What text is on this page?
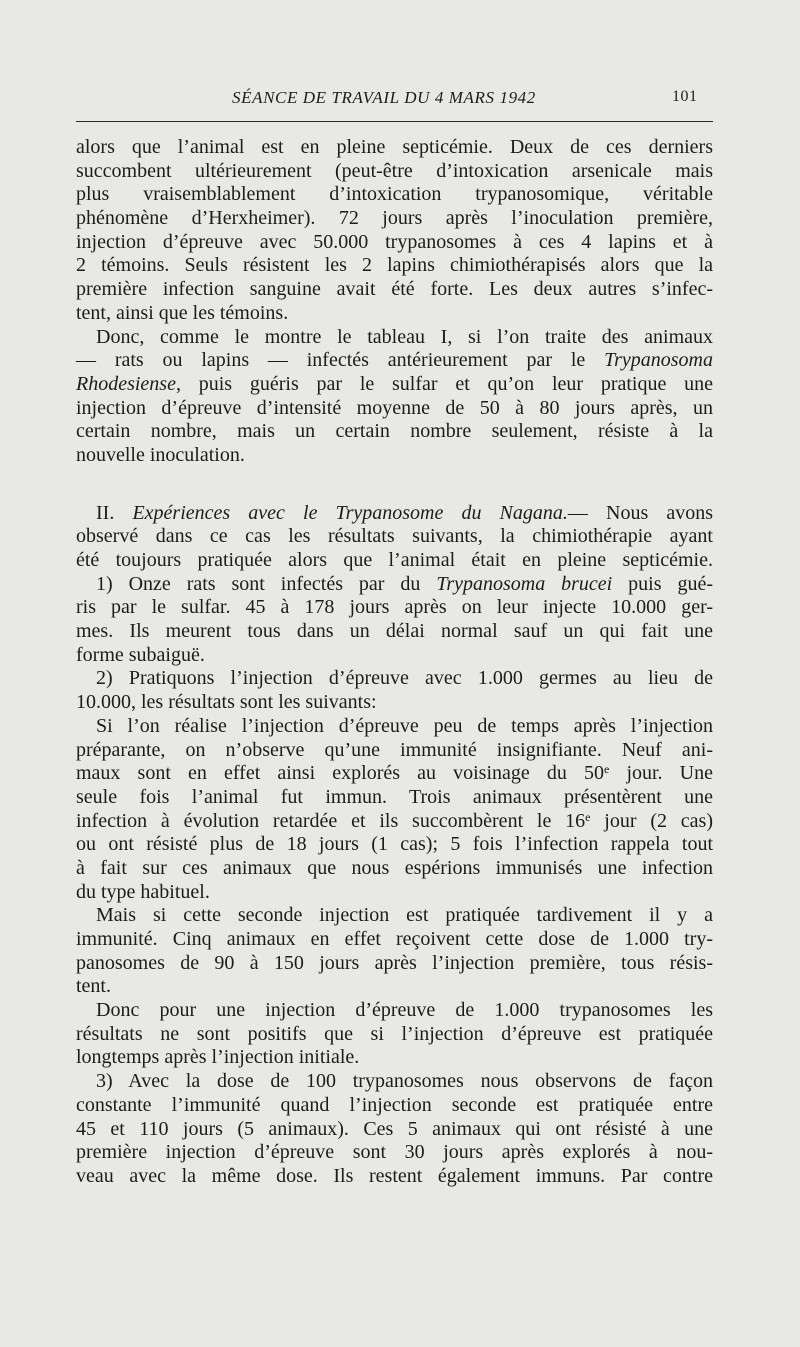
SÉANCE DE TRAVAIL DU 4 MARS 1942	101
alors que l’animal est en pleine septicémie. Deux de ces derniers
succombent ultérieurement (peut-être d’intoxication arsenicale mais
plus vraisemblablement d’intoxication trypanosomique, véritable
phénomène d’Herxheimer). 72 jours après l’inoculation première,
injection d’épreuve avec 50.000 trypanosomes à ces 4 lapins et à
2 témoins. Seuls résistent les 2 lapins chimiothérapisés alors que la
première infection sanguine avait été forte. Les deux autres s’infec-
tent, ainsi que les témoins.
Donc, comme le montre le tableau I, si l’on traite des animaux
— rats ou lapins — infectés antérieurement par le Trypanosoma
Rhodesiense, puis guéris par le sulfar et qu’on leur pratique une
injection d’épreuve d’intensité moyenne de 50 à 80 jours après, un
certain nombre, mais un certain nombre seulement, résiste à la
nouvelle inoculation.
II. Expériences avec le Trypanosome du Nagana.— Nous avons
observé dans ce cas les résultats suivants, la chimiothérapie ayant
été toujours pratiquée alors que l’animal était en pleine septicémie.
1) Onze rats sont infectés par du Trypanosoma brucei puis gué-
ris par le sulfar. 45 à 178 jours après on leur injecte 10.000 ger-
mes. Ils meurent tous dans un délai normal sauf un qui fait une
forme subaiguë.
2) Pratiquons l’injection d’épreuve avec 1.000 germes au lieu de
10.000, les résultats sont les suivants:
Si l’on réalise l’injection d’épreuve peu de temps après l’injection
préparante, on n’observe qu’une immunité insignifiante. Neuf ani-
maux sont en effet ainsi explorés au voisinage du 50e jour. Une
seule fois l’animal fut immun. Trois animaux présentèrent une
infection à évolution retardée et ils succombèrent le 16e jour (2 cas)
ou ont résisté plus de 18 jours (1 cas); 5 fois l’infection rappela tout
à fait sur ces animaux que nous espérions immunisés une infection
du type habituel.
Mais si cette seconde injection est pratiquée tardivement il y a
immunité. Cinq animaux en effet reçoivent cette dose de 1.000 try-
panosomes de 90 à 150 jours après l’injection première, tous résis-
tent.
Donc pour une injection d’épreuve de 1.000 trypanosomes les
résultats ne sont positifs que si l’injection d’épreuve est pratiquée
longtemps après l’injection initiale.
3) Avec la dose de 100 trypanosomes nous observons de façon
constante l’immunité quand l’injection seconde est pratiquée entre
45 et 110 jours (5 animaux). Ces 5 animaux qui ont résisté à une
première injection d’épreuve sont 30 jours après explorés à nou-
veau avec la même dose. Ils restent également immuns. Par contre
